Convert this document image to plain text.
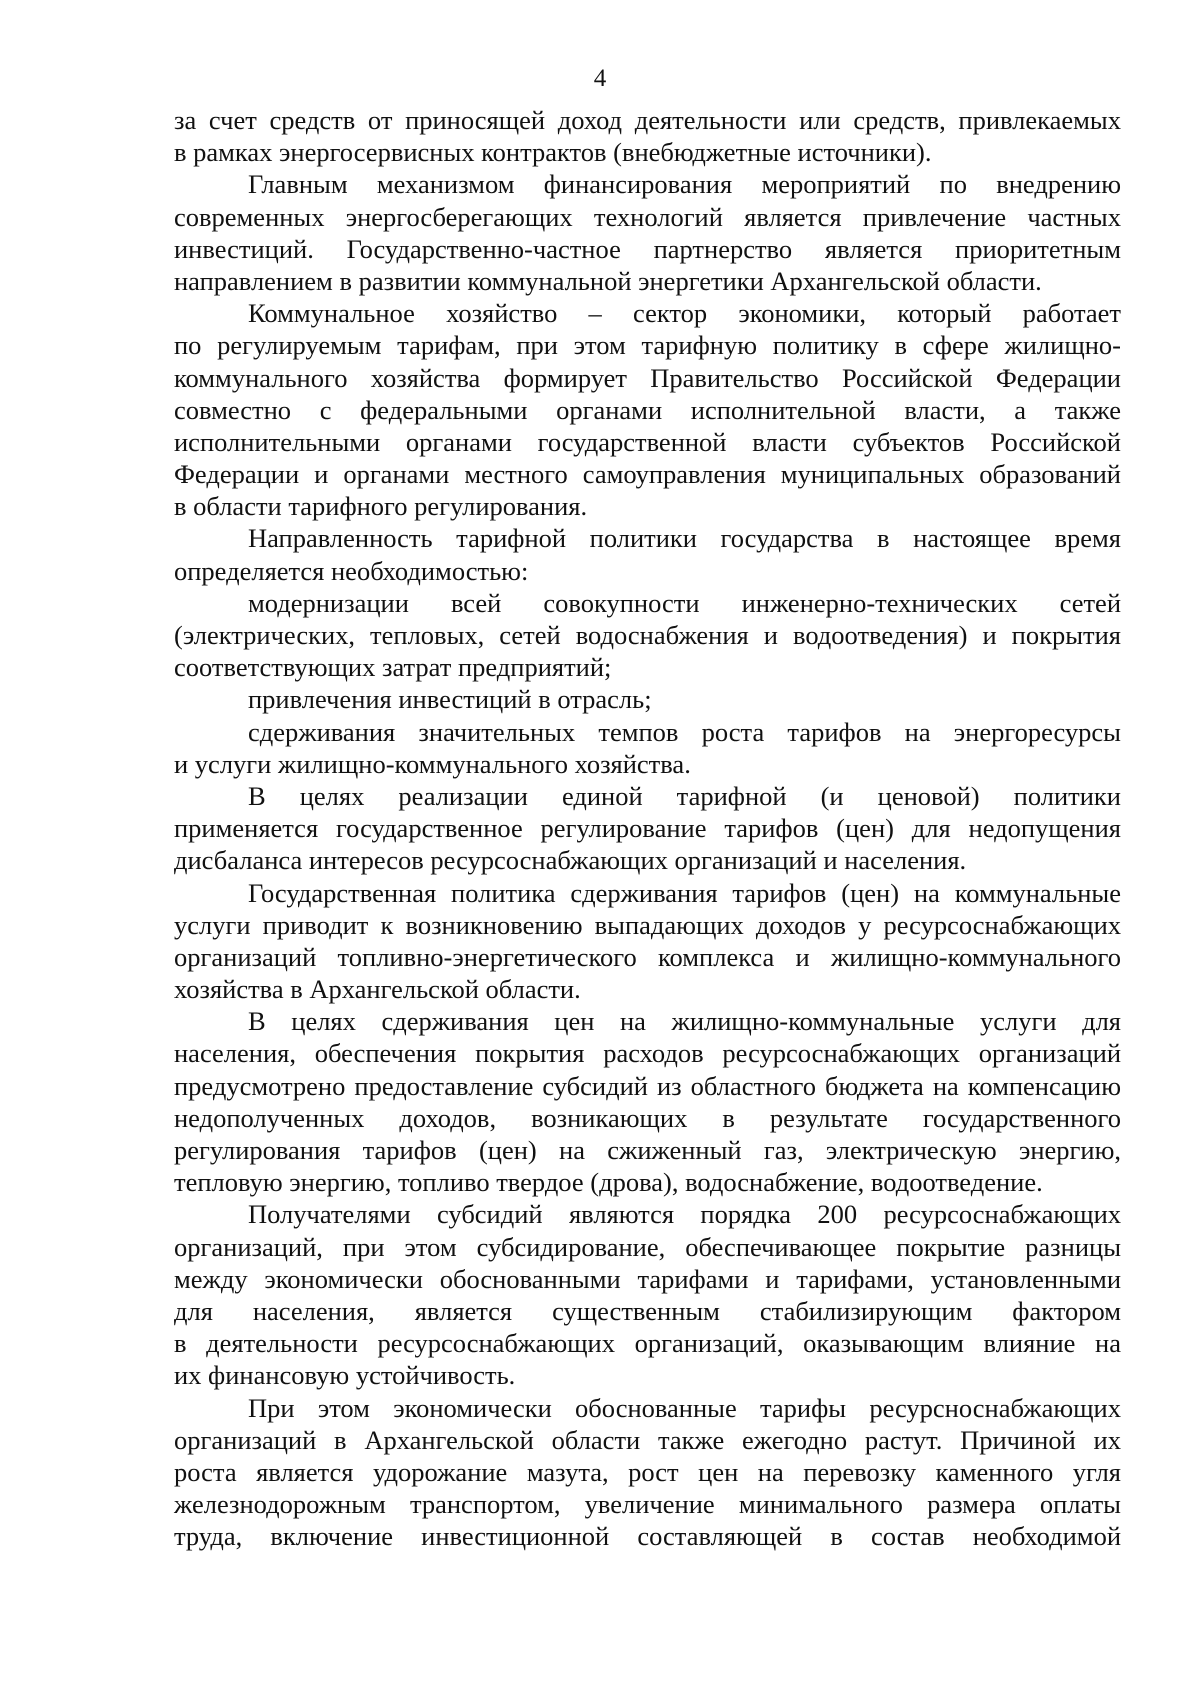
4
за счет средств от приносящей доход деятельности или средств, привлекаемых
в рамках энергосервисных контрактов (внебюджетные источники).
Главным механизмом финансирования мероприятий по внедрению
современных энергосберегающих технологий является привлечение частных
инвестиций. Государственно-частное партнерство является приоритетным
направлением в развитии коммунальной энергетики Архангельской области.
Коммунальное хозяйство – сектор экономики, который работает
по регулируемым тарифам, при этом тарифную политику в сфере жилищно-
коммунального хозяйства формирует Правительство Российской Федерации
совместно с федеральными органами исполнительной власти, а также
исполнительными органами государственной власти субъектов Российской
Федерации и органами местного самоуправления муниципальных образований
в области тарифного регулирования.
Направленность тарифной политики государства в настоящее время
определяется необходимостью:
модернизации всей совокупности инженерно-технических сетей
(электрических, тепловых, сетей водоснабжения и водоотведения) и покрытия
соответствующих затрат предприятий;
привлечения инвестиций в отрасль;
сдерживания значительных темпов роста тарифов на энергоресурсы
и услуги жилищно-коммунального хозяйства.
В целях реализации единой тарифной (и ценовой) политики
применяется государственное регулирование тарифов (цен) для недопущения
дисбаланса интересов ресурсоснабжающих организаций и населения.
Государственная политика сдерживания тарифов (цен) на коммунальные
услуги приводит к возникновению выпадающих доходов у ресурсоснабжающих
организаций топливно-энергетического комплекса и жилищно-коммунального
хозяйства в Архангельской области.
В целях сдерживания цен на жилищно-коммунальные услуги для
населения, обеспечения покрытия расходов ресурсоснабжающих организаций
предусмотрено предоставление субсидий из областного бюджета на компенсацию
недополученных доходов, возникающих в результате государственного
регулирования тарифов (цен) на сжиженный газ, электрическую энергию,
тепловую энергию, топливо твердое (дрова), водоснабжение, водоотведение.
Получателями субсидий являются порядка 200 ресурсоснабжающих
организаций, при этом субсидирование, обеспечивающее покрытие разницы
между экономически обоснованными тарифами и тарифами, установленными
для населения, является существенным стабилизирующим фактором
в деятельности ресурсоснабжающих организаций, оказывающим влияние на
их финансовую устойчивость.
При этом экономически обоснованные тарифы ресурсноснабжающих
организаций в Архангельской области также ежегодно растут. Причиной их
роста является удорожание мазута, рост цен на перевозку каменного угля
железнодорожным транспортом, увеличение минимального размера оплаты
труда, включение инвестиционной составляющей в состав необходимой
